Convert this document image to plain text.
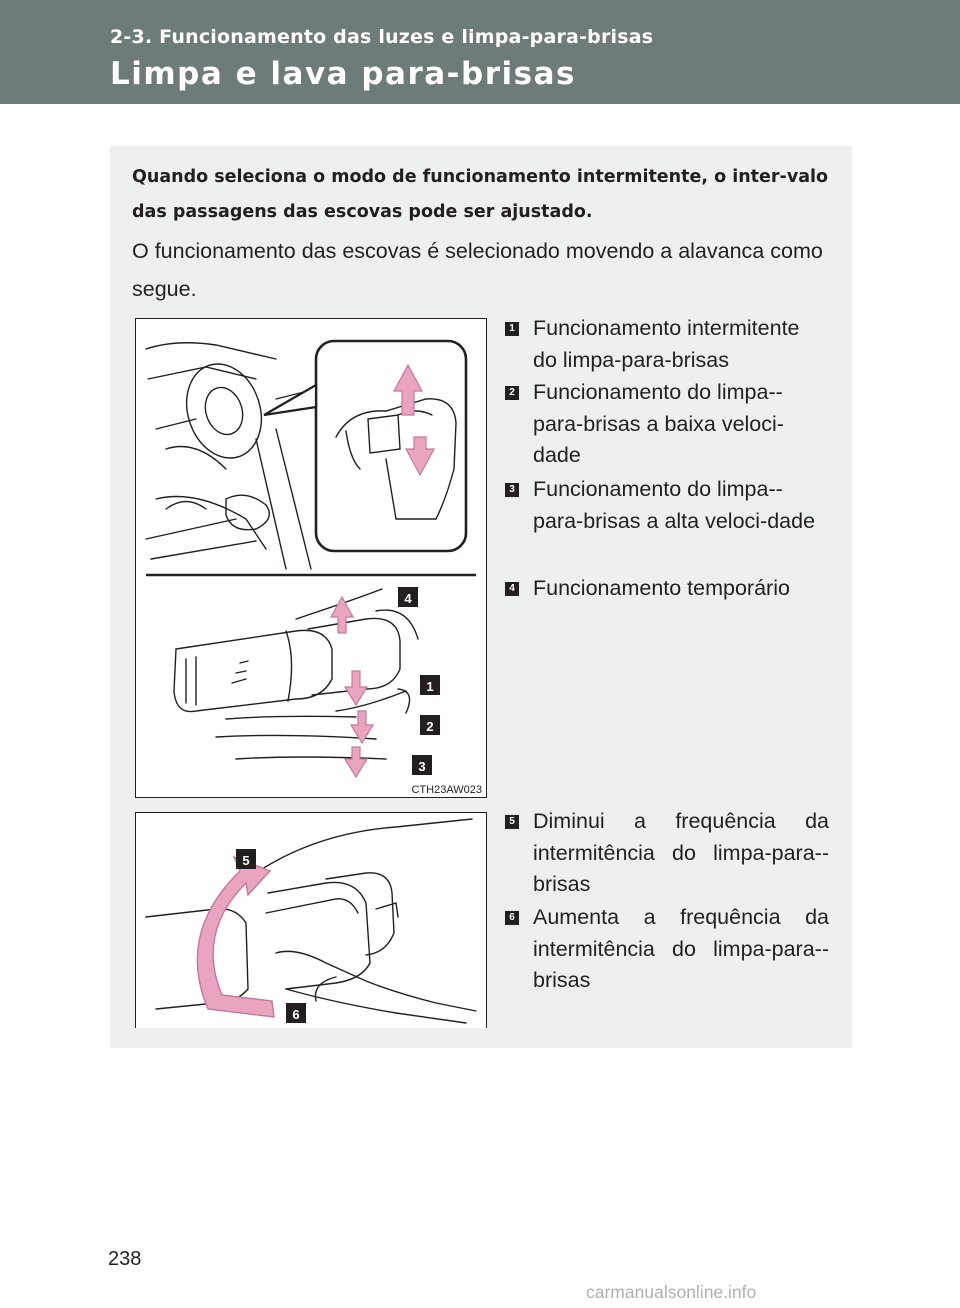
2-3. Funcionamento das luzes e limpa-para-brisas
Limpa e lava para-brisas
Quando seleciona o modo de funcionamento intermitente, o inter-valo das passagens das escovas pode ser ajustado.
O funcionamento das escovas é selecionado movendo a alavanca como segue.
4
1
2
3
CTH23AW023
5
6
1 Funcionamento intermitente do limpa-para-brisas
2 Funcionamento do limpa--para-brisas a baixa veloci-dade
3 Funcionamento do limpa--para-brisas a alta veloci-dade
4 Funcionamento temporário
5 Diminui a frequência da intermitência do limpa-para--brisas
6 Aumenta a frequência da intermitência do limpa-para--brisas
238
carmanualsonline.info
